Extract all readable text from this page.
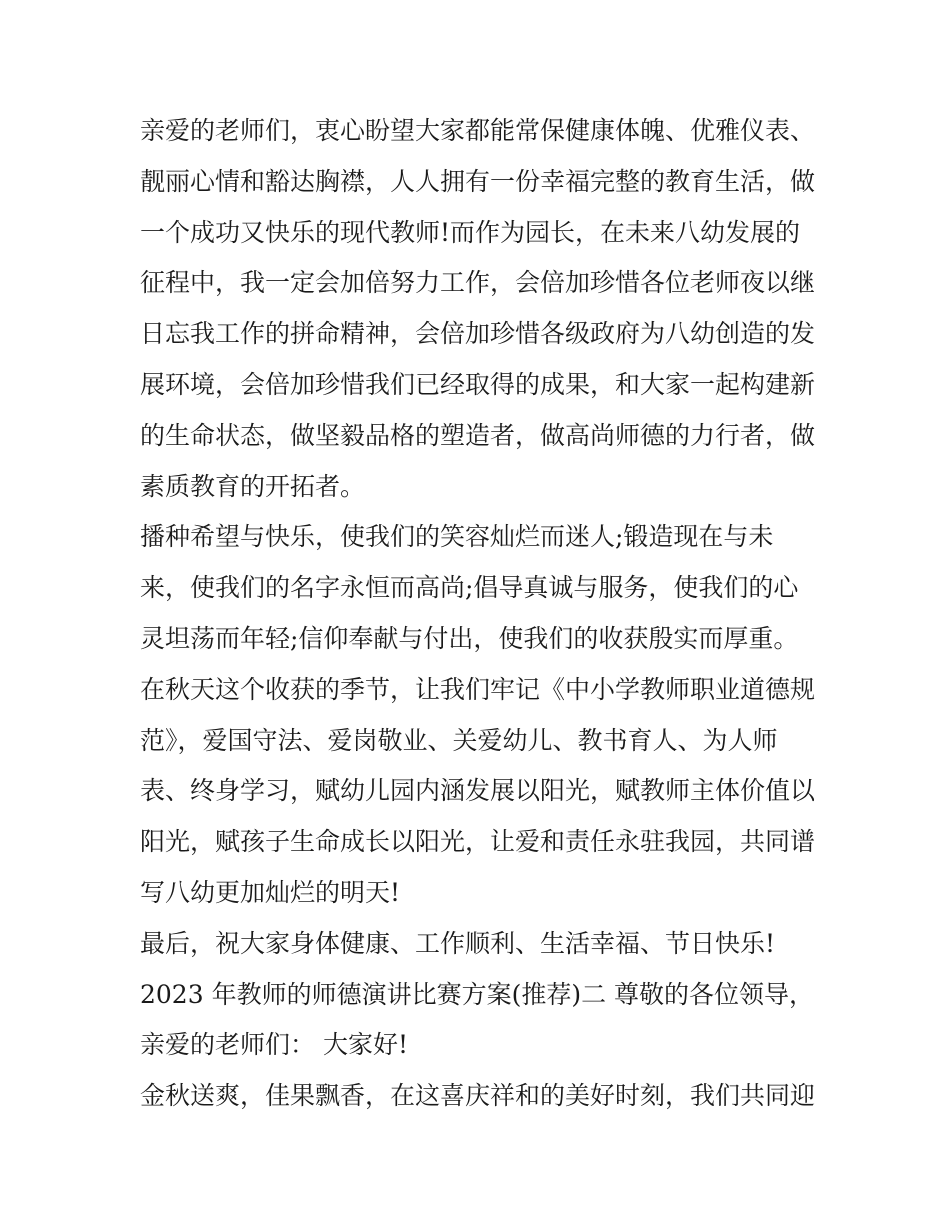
亲爱的老师们，衷心盼望大家都能常保健康体魄、优雅仪表、
靓丽心情和豁达胸襟，人人拥有一份幸福完整的教育生活，做
一个成功又快乐的现代教师!而作为园长，在未来八幼发展的
征程中，我一定会加倍努力工作，会倍加珍惜各位老师夜以继
日忘我工作的拼命精神，会倍加珍惜各级政府为八幼创造的发
展环境，会倍加珍惜我们已经取得的成果，和大家一起构建新
的生命状态，做坚毅品格的塑造者，做高尚师德的力行者，做
素质教育的开拓者。
播种希望与快乐，使我们的笑容灿烂而迷人;锻造现在与未
来，使我们的名字永恒而高尚;倡导真诚与服务，使我们的心
灵坦荡而年轻;信仰奉献与付出，使我们的收获殷实而厚重。
在秋天这个收获的季节，让我们牢记《中小学教师职业道德规
范》，爱国守法、爱岗敬业、关爱幼儿、教书育人、为人师
表、终身学习，赋幼儿园内涵发展以阳光，赋教师主体价值以
阳光，赋孩子生命成长以阳光，让爱和责任永驻我园，共同谱
写八幼更加灿烂的明天!
最后，祝大家身体健康、工作顺利、生活幸福、节日快乐!
2023 年教师的师德演讲比赛方案(推荐)二 尊敬的各位领导，
亲爱的老师们： 大家好!
金秋送爽，佳果飘香，在这喜庆祥和的美好时刻，我们共同迎
